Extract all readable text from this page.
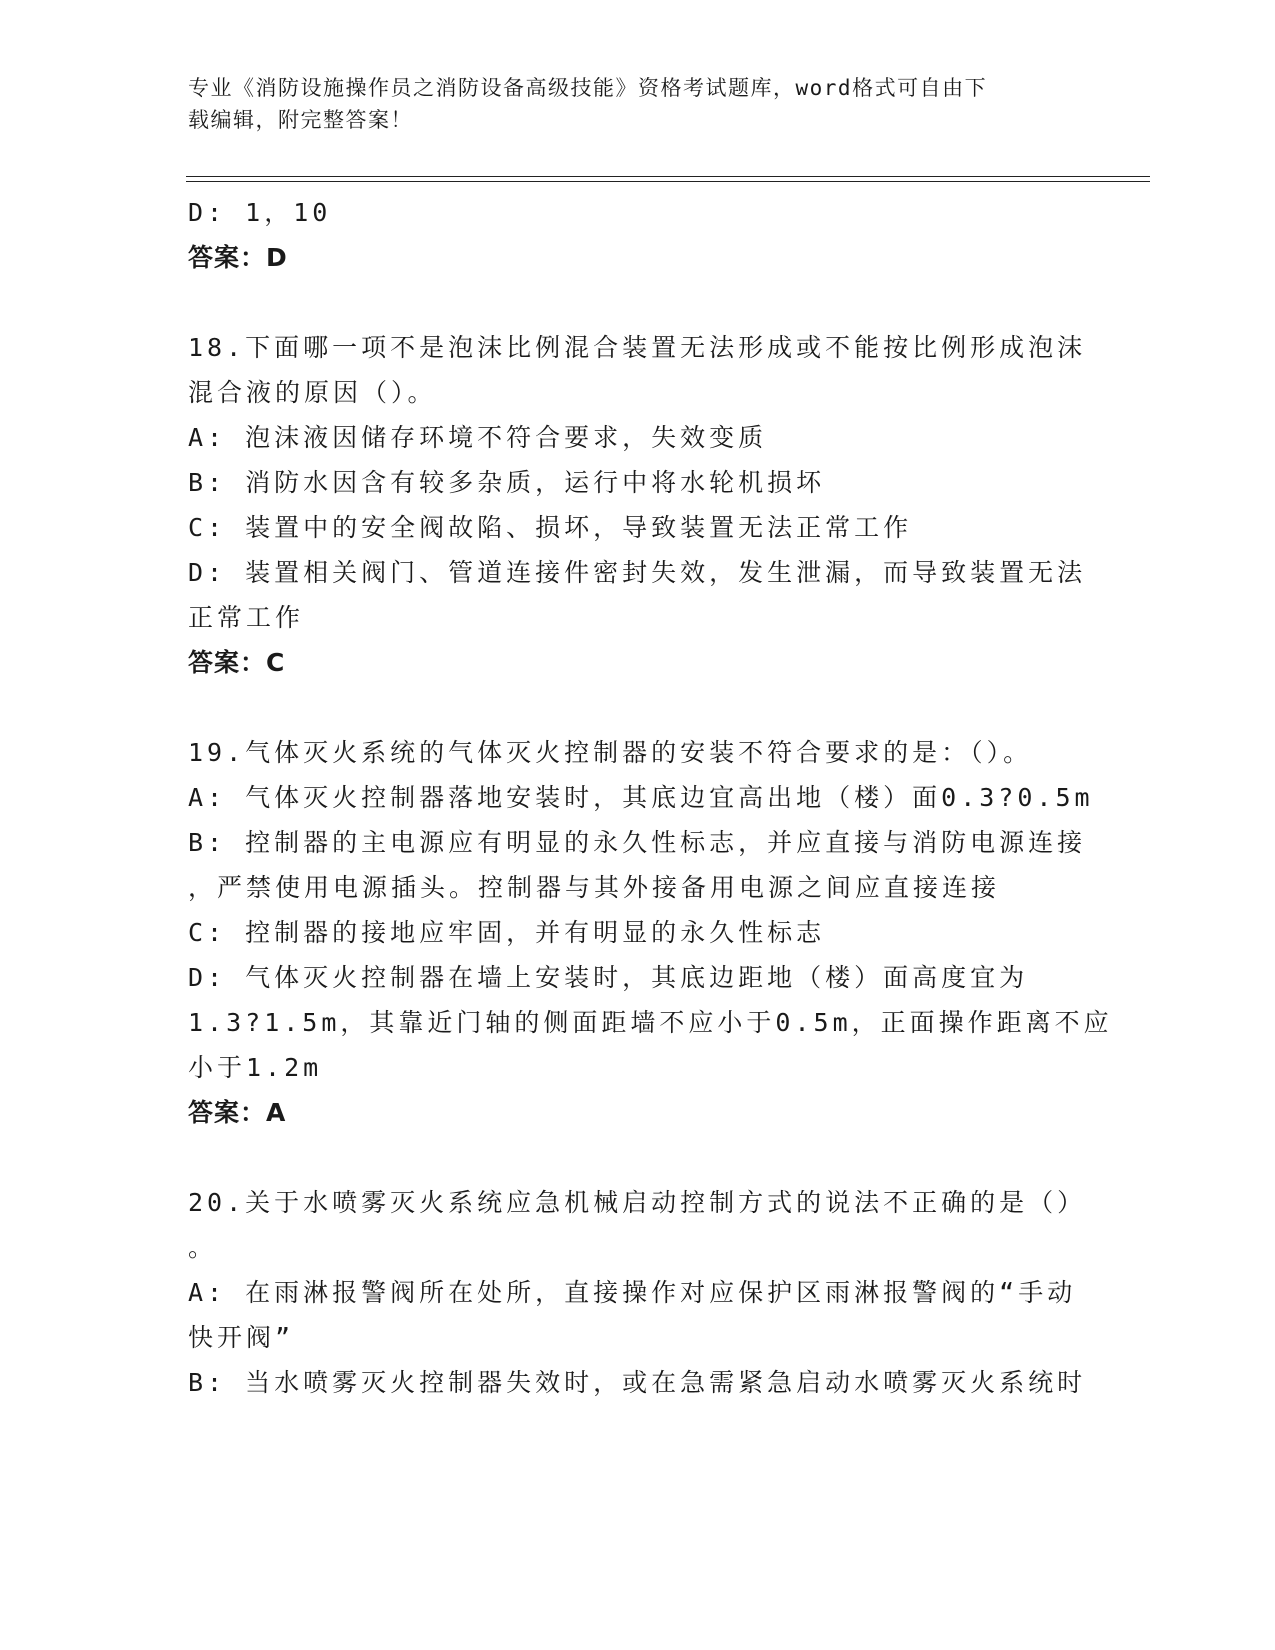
专业《消防设施操作员之消防设备高级技能》资格考试题库，word格式可自由下
载编辑，附完整答案！
D: 1，10
答案：D
18.下面哪一项不是泡沫比例混合装置无法形成或不能按比例形成泡沫
混合液的原因（）。
A: 泡沫液因储存环境不符合要求，失效变质
B: 消防水因含有较多杂质，运行中将水轮机损坏
C: 装置中的安全阀故陷、损坏，导致装置无法正常工作
D: 装置相关阀门、管道连接件密封失效，发生泄漏，而导致装置无法
正常工作
答案：C
19.气体灭火系统的气体灭火控制器的安装不符合要求的是：（）。
A: 气体灭火控制器落地安装时，其底边宜高出地（楼）面0.3?0.5m
B: 控制器的主电源应有明显的永久性标志，并应直接与消防电源连接
，严禁使用电源插头。控制器与其外接备用电源之间应直接连接
C: 控制器的接地应牢固，并有明显的永久性标志
D: 气体灭火控制器在墙上安装时，其底边距地（楼）面高度宜为
1.3?1.5m，其靠近门轴的侧面距墙不应小于0.5m，正面操作距离不应
小于1.2m
答案：A
20.关于水喷雾灭火系统应急机械启动控制方式的说法不正确的是（）
。
A: 在雨淋报警阀所在处所，直接操作对应保护区雨淋报警阀的“手动
快开阀”
B: 当水喷雾灭火控制器失效时，或在急需紧急启动水喷雾灭火系统时
